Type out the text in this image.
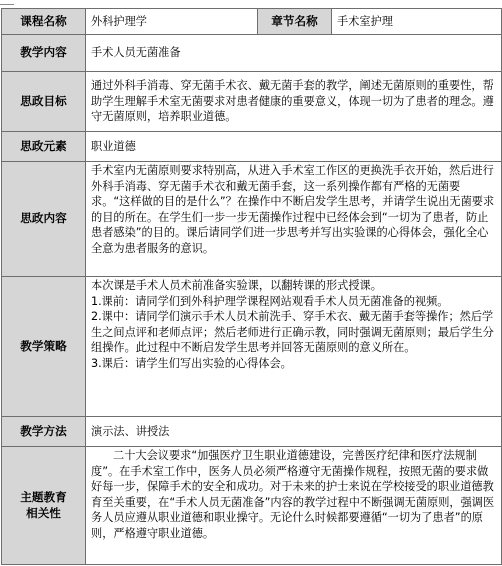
课程名称	外科护理学	章节名称	手术室护理
教学内容	手术人员无菌准备		
思政目标	通过外科手消毒、穿无菌手术衣、戴无菌手套的教学，阐述无菌原则的重要性，帮助学生理解手术室无菌要求对患者健康的重要意义，体现一切为了患者的理念。遵守无菌原则，培养职业道德。		
思政元素	职业道德		
思政内容	手术室内无菌原则要求特别高，从进入手术室工作区的更换洗手衣开始，然后进行外科手消毒、穿无菌手术衣和戴无菌手套，这一系列操作都有严格的无菌要求。“这样做的目的是什么”？在操作中不断启发学生思考，并请学生说出无菌要求的目的所在。在学生们一步一步无菌操作过程中已经体会到“一切为了患者，防止患者感染”的目的。课后请同学们进一步思考并写出实验课的心得体会，强化全心全意为患者服务的意识。		
教学策略	本次课是手术人员术前准备实验课，以翻转课的形式授课。

1.课前：请同学们到外科护理学课程网站观看手术人员无菌准备的视频。

2.课中：请同学们演示手术人员术前洗手、穿手术衣、戴无菌手套等操作；然后学生之间点评和老师点评；然后老师进行正确示教，同时强调无菌原则；最后学生分组操作。此过程中不断启发学生思考并回答无菌原则的意义所在。

3.课后：请学生们写出实验的心得体会。		

教学方法	演示法、讲授法		

主题教育
相关性	二十大会议要求“加强医疗卫生职业道德建设，完善医疗纪律和医疗法规制度”。在手术室工作中，医务人员必须严格遵守无菌操作规程，按照无菌的要求做好每一步，保障手术的安全和成功。对于未来的护士来说在学校接受的职业道德教育至关重要，在“手术人员无菌准备”内容的教学过程中不断强调无菌原则，强调医务人员应遵从职业道德和职业操守。无论什么时候都要遵循“一切为了患者”的原则，严格遵守职业道德。		
